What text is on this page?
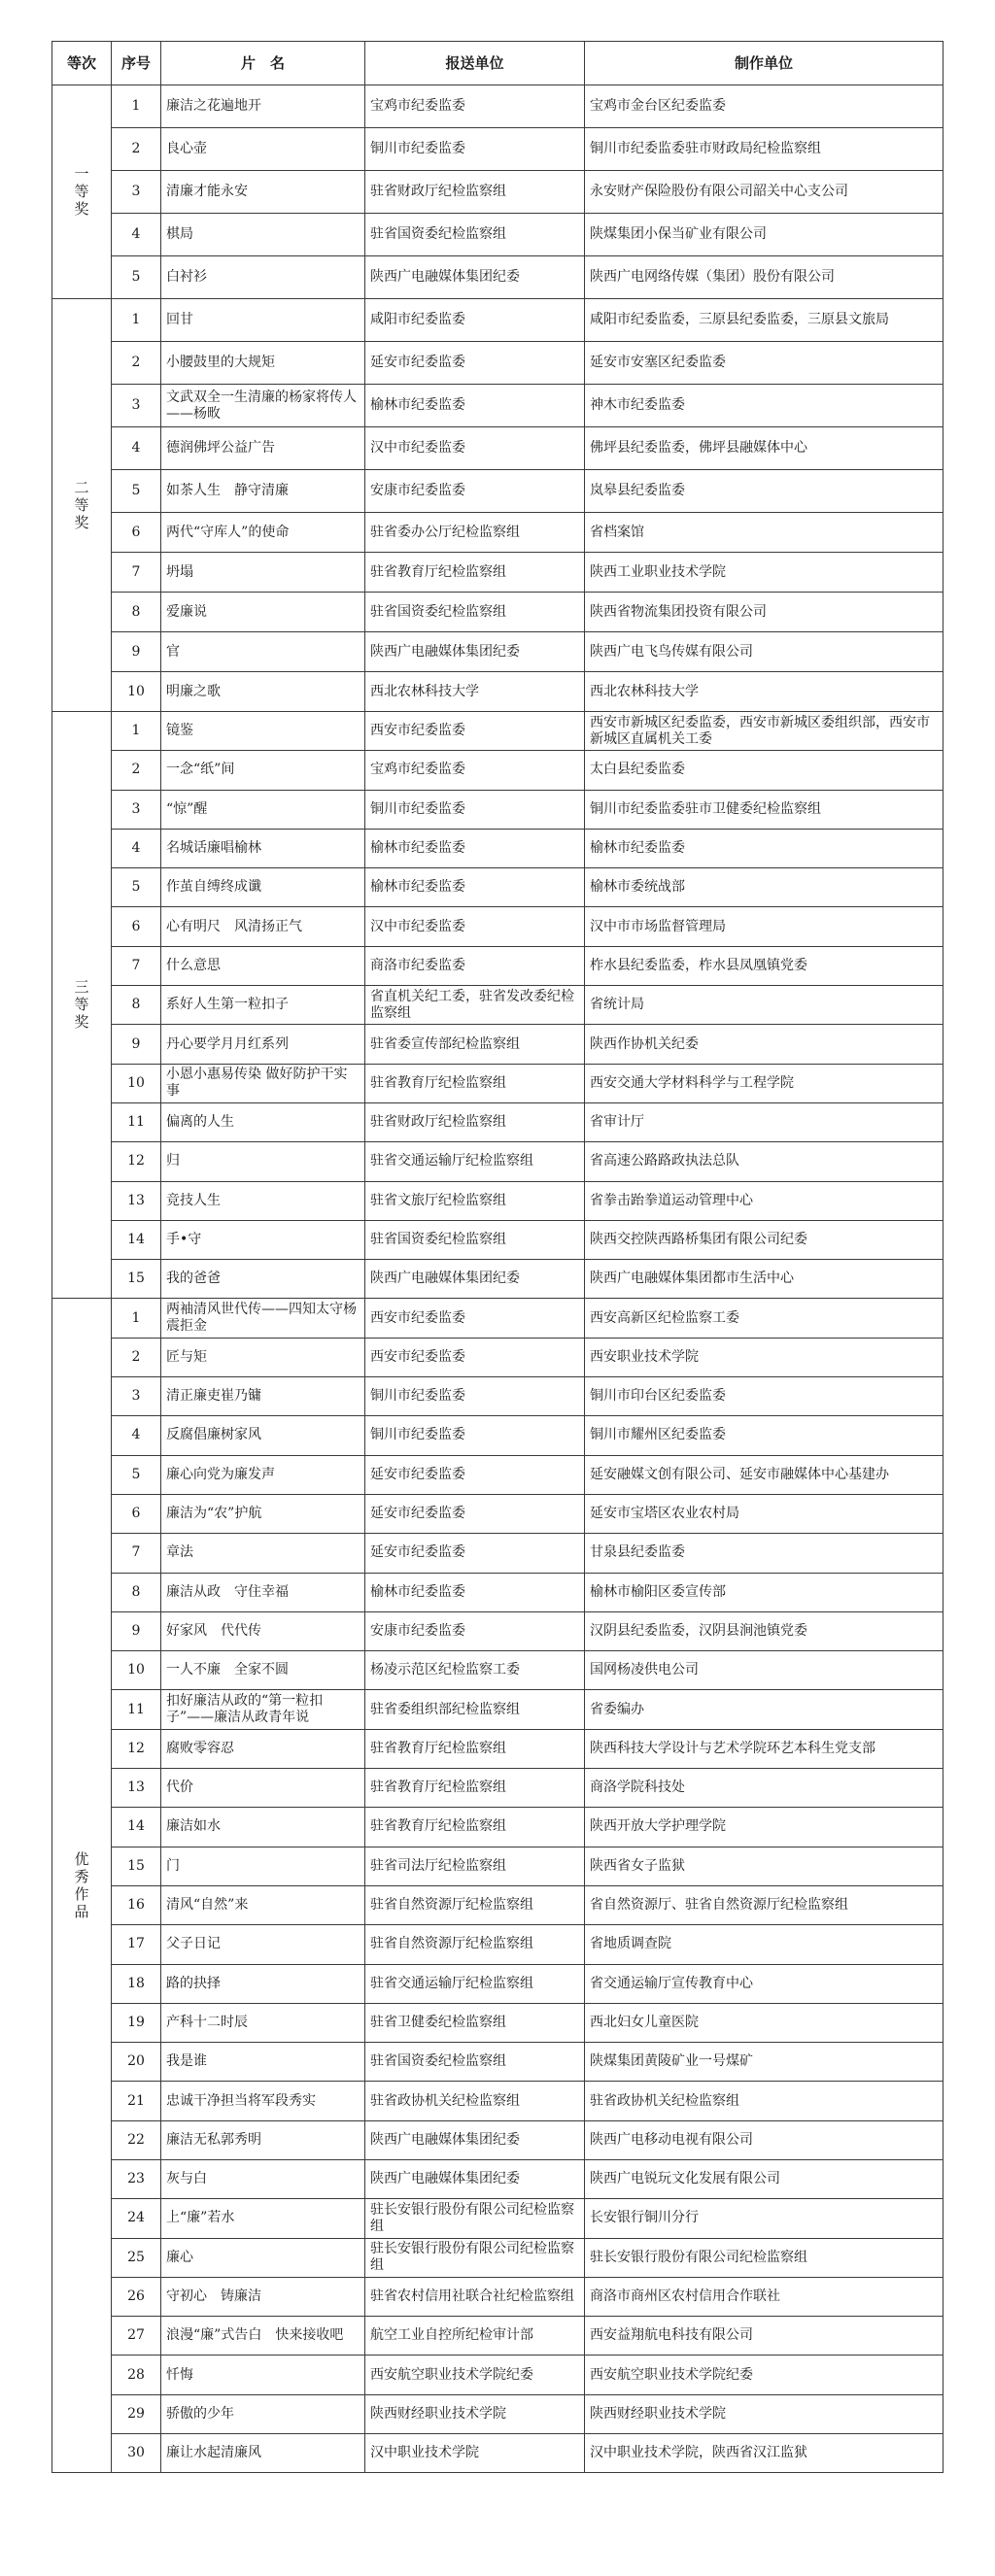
等次	序号	片　名	报送单位	制作单位
一等奖	1	廉洁之花遍地开	宝鸡市纪委监委	宝鸡市金台区纪委监委
	2	良心壶	铜川市纪委监委	铜川市纪委监委驻市财政局纪检监察组
	3	清廉才能永安	驻省财政厅纪检监察组	永安财产保险股份有限公司韶关中心支公司
	4	棋局	驻省国资委纪检监察组	陕煤集团小保当矿业有限公司
	5	白衬衫	陕西广电融媒体集团纪委	陕西广电网络传媒（集团）股份有限公司
二等奖	1	回甘	咸阳市纪委监委	咸阳市纪委监委，三原县纪委监委，三原县文旅局
	2	小腰鼓里的大规矩	延安市纪委监委	延安市安塞区纪委监委
	3	文武双全一生清廉的杨家将传人——杨畋	榆林市纪委监委	神木市纪委监委
	4	德润佛坪公益广告	汉中市纪委监委	佛坪县纪委监委，佛坪县融媒体中心
	5	如茶人生　静守清廉	安康市纪委监委	岚皋县纪委监委
	6	两代“守库人”的使命	驻省委办公厅纪检监察组	省档案馆
	7	坍塌	驻省教育厅纪检监察组	陕西工业职业技术学院
	8	爱廉说	驻省国资委纪检监察组	陕西省物流集团投资有限公司
	9	官	陕西广电融媒体集团纪委	陕西广电飞鸟传媒有限公司
	10	明廉之歌	西北农林科技大学	西北农林科技大学
三等奖	1	镜鉴	西安市纪委监委	西安市新城区纪委监委，西安市新城区委组织部，西安市新城区直属机关工委
	2	一念“纸”间	宝鸡市纪委监委	太白县纪委监委
	3	“惊”醒	铜川市纪委监委	铜川市纪委监委驻市卫健委纪检监察组
	4	名城话廉唱榆林	榆林市纪委监委	榆林市纪委监委
	5	作茧自缚终成谶	榆林市纪委监委	榆林市委统战部
	6	心有明尺　风清扬正气	汉中市纪委监委	汉中市市场监督管理局
	7	什么意思	商洛市纪委监委	柞水县纪委监委，柞水县凤凰镇党委
	8	系好人生第一粒扣子	省直机关纪工委，驻省发改委纪检监察组	省统计局
	9	丹心要学月月红系列	驻省委宣传部纪检监察组	陕西作协机关纪委
	10	小恩小惠易传染 做好防护干实事	驻省教育厅纪检监察组	西安交通大学材料科学与工程学院
	11	偏离的人生	驻省财政厅纪检监察组	省审计厅
	12	归	驻省交通运输厅纪检监察组	省高速公路路政执法总队
	13	竞技人生	驻省文旅厅纪检监察组	省拳击跆拳道运动管理中心
	14	手•守	驻省国资委纪检监察组	陕西交控陕西路桥集团有限公司纪委
	15	我的爸爸	陕西广电融媒体集团纪委	陕西广电融媒体集团都市生活中心
优秀作品	1	两袖清风世代传——四知太守杨震拒金	西安市纪委监委	西安高新区纪检监察工委
	2	匠与矩	西安市纪委监委	西安职业技术学院
	3	清正廉吏崔乃镛	铜川市纪委监委	铜川市印台区纪委监委
	4	反腐倡廉树家风	铜川市纪委监委	铜川市耀州区纪委监委
	5	廉心向党为廉发声	延安市纪委监委	延安融媒文创有限公司、延安市融媒体中心基建办
	6	廉洁为“农”护航	延安市纪委监委	延安市宝塔区农业农村局
	7	章法	延安市纪委监委	甘泉县纪委监委
	8	廉洁从政　守住幸福	榆林市纪委监委	榆林市榆阳区委宣传部
	9	好家风　代代传	安康市纪委监委	汉阴县纪委监委，汉阴县涧池镇党委
	10	一人不廉　全家不圆	杨凌示范区纪检监察工委	国网杨凌供电公司
	11	扣好廉洁从政的“第一粒扣子”——廉洁从政青年说	驻省委组织部纪检监察组	省委编办
	12	腐败零容忍	驻省教育厅纪检监察组	陕西科技大学设计与艺术学院环艺本科生党支部
	13	代价	驻省教育厅纪检监察组	商洛学院科技处
	14	廉洁如水	驻省教育厅纪检监察组	陕西开放大学护理学院
	15	门	驻省司法厅纪检监察组	陕西省女子监狱
	16	清风“自然”来	驻省自然资源厅纪检监察组	省自然资源厅、驻省自然资源厅纪检监察组
	17	父子日记	驻省自然资源厅纪检监察组	省地质调查院
	18	路的抉择	驻省交通运输厅纪检监察组	省交通运输厅宣传教育中心
	19	产科十二时辰	驻省卫健委纪检监察组	西北妇女儿童医院
	20	我是谁	驻省国资委纪检监察组	陕煤集团黄陵矿业一号煤矿
	21	忠诚干净担当将军段秀实	驻省政协机关纪检监察组	驻省政协机关纪检监察组
	22	廉洁无私郭秀明	陕西广电融媒体集团纪委	陕西广电移动电视有限公司
	23	灰与白	陕西广电融媒体集团纪委	陕西广电锐玩文化发展有限公司
	24	上“廉”若水	驻长安银行股份有限公司纪检监察组	长安银行铜川分行
	25	廉心	驻长安银行股份有限公司纪检监察组	驻长安银行股份有限公司纪检监察组
	26	守初心　铸廉洁	驻省农村信用社联合社纪检监察组	商洛市商州区农村信用合作联社
	27	浪漫“廉”式告白　快来接收吧	航空工业自控所纪检审计部	西安益翔航电科技有限公司
	28	忏悔	西安航空职业技术学院纪委	西安航空职业技术学院纪委
	29	骄傲的少年	陕西财经职业技术学院	陕西财经职业技术学院
	30	廉让水起清廉风	汉中职业技术学院	汉中职业技术学院，陕西省汉江监狱
